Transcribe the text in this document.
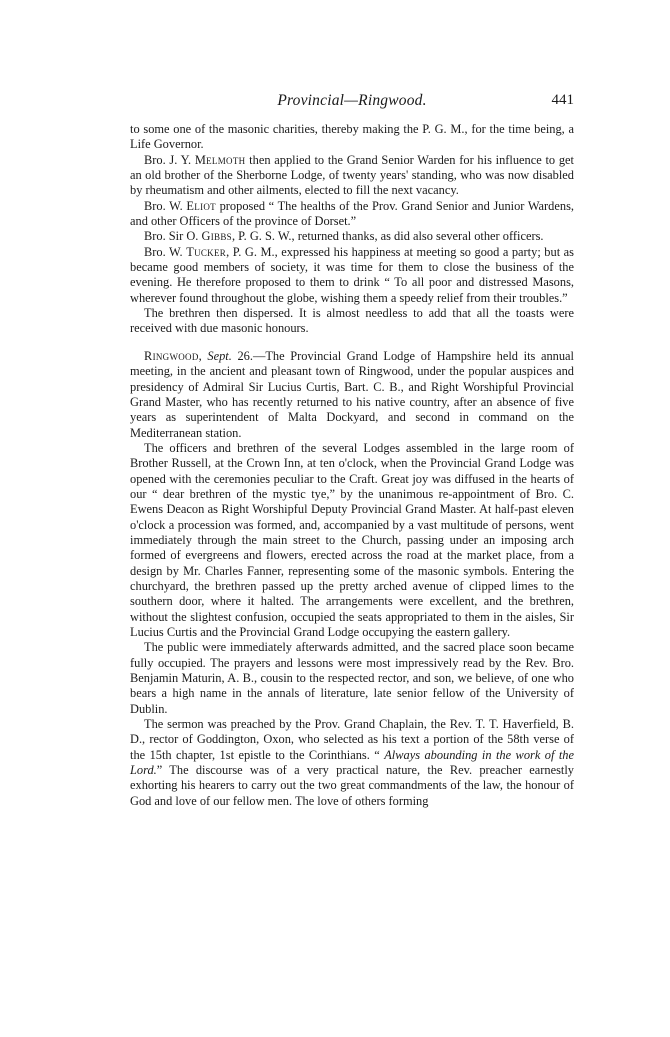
Provincial—Ringwood.	441

to some one of the masonic charities, thereby making the P. G. M., for the time being, a Life Governor.

Bro. J. Y. Melmoth then applied to the Grand Senior Warden for his influence to get an old brother of the Sherborne Lodge, of twenty years' standing, who was now disabled by rheumatism and other ailments, elected to fill the next vacancy.

Bro. W. Eliot proposed “ The healths of the Prov. Grand Senior and Junior Wardens, and other Officers of the province of Dorset.”

Bro. Sir O. Gibbs, P. G. S. W., returned thanks, as did also several other officers.

Bro. W. Tucker, P. G. M., expressed his happiness at meeting so good a party; but as became good members of society, it was time for them to close the business of the evening. He therefore proposed to them to drink “ To all poor and distressed Masons, wherever found throughout the globe, wishing them a speedy relief from their troubles.”

The brethren then dispersed. It is almost needless to add that all the toasts were received with due masonic honours.

Ringwood, Sept. 26.—The Provincial Grand Lodge of Hampshire held its annual meeting, in the ancient and pleasant town of Ringwood, under the popular auspices and presidency of Admiral Sir Lucius Curtis, Bart. C. B., and Right Worshipful Provincial Grand Master, who has recently returned to his native country, after an absence of five years as superintendent of Malta Dockyard, and second in command on the Mediterranean station.

The officers and brethren of the several Lodges assembled in the large room of Brother Russell, at the Crown Inn, at ten o'clock, when the Provincial Grand Lodge was opened with the ceremonies peculiar to the Craft. Great joy was diffused in the hearts of our “ dear brethren of the mystic tye,” by the unanimous re-appointment of Bro. C. Ewens Deacon as Right Worshipful Deputy Provincial Grand Master. At half-past eleven o'clock a procession was formed, and, accompanied by a vast multitude of persons, went immediately through the main street to the Church, passing under an imposing arch formed of evergreens and flowers, erected across the road at the market place, from a design by Mr. Charles Fanner, representing some of the masonic symbols. Entering the churchyard, the brethren passed up the pretty arched avenue of clipped limes to the southern door, where it halted. The arrangements were excellent, and the brethren, without the slightest confusion, occupied the seats appropriated to them in the aisles, Sir Lucius Curtis and the Provincial Grand Lodge occupying the eastern gallery.

The public were immediately afterwards admitted, and the sacred place soon became fully occupied. The prayers and lessons were most impressively read by the Rev. Bro. Benjamin Maturin, A. B., cousin to the respected rector, and son, we believe, of one who bears a high name in the annals of literature, late senior fellow of the University of Dublin.

The sermon was preached by the Prov. Grand Chaplain, the Rev. T. T. Haverfield, B. D., rector of Goddington, Oxon, who selected as his text a portion of the 58th verse of the 15th chapter, 1st epistle to the Corinthians. “ Always abounding in the work of the Lord.” The discourse was of a very practical nature, the Rev. preacher earnestly exhorting his hearers to carry out the two great commandments of the law, the honour of God and love of our fellow men. The love of others forming
